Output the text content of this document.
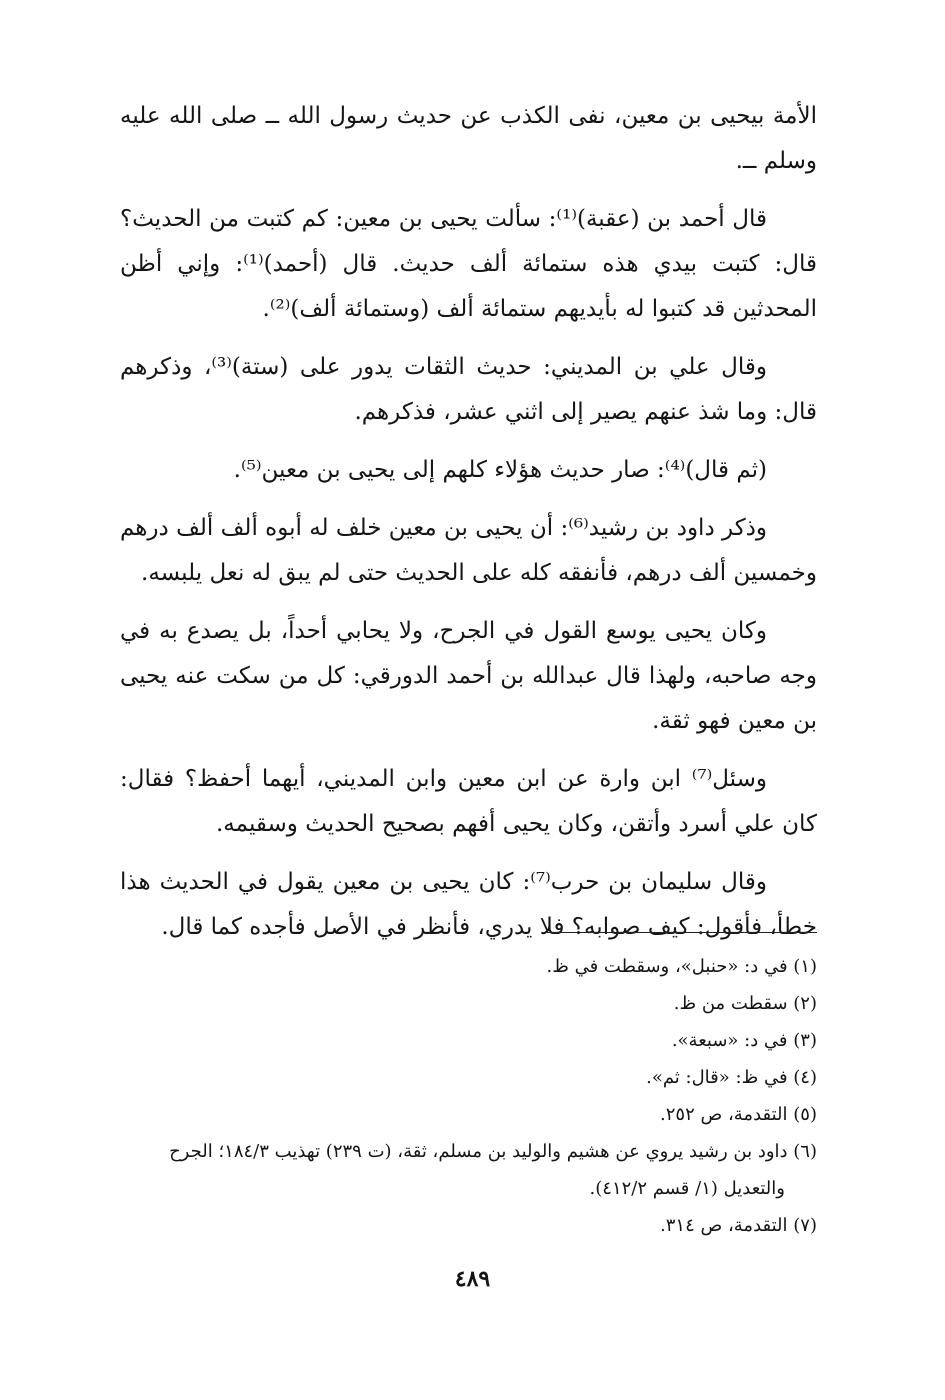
الأمة بيحيى بن معين، نفى الكذب عن حديث رسول الله ــ صلى الله عليه وسلم ــ.

قال أحمد بن (عقبة)⁽¹⁾: سألت يحيى بن معين: كم كتبت من الحديث؟ قال: كتبت بيدي هذه ستمائة ألف حديث. قال (أحمد)⁽¹⁾: وإني أظن المحدثين قد كتبوا له بأيديهم ستمائة ألف (وستمائة ألف)⁽²⁾.

وقال علي بن المديني: حديث الثقات يدور على (ستة)⁽³⁾، وذكرهم قال: وما شذ عنهم يصير إلى اثني عشر، فذكرهم.

(ثم قال)⁽⁴⁾: صار حديث هؤلاء كلهم إلى يحيى بن معين⁽⁵⁾.

وذكر داود بن رشيد⁽⁶⁾: أن يحيى بن معين خلف له أبوه ألف ألف درهم وخمسين ألف درهم، فأنفقه كله على الحديث حتى لم يبق له نعل يلبسه.

وكان يحيى يوسع القول في الجرح، ولا يحابي أحداً، بل يصدع به في وجه صاحبه، ولهذا قال عبدالله بن أحمد الدورقي: كل من سكت عنه يحيى بن معين فهو ثقة.

وسئل⁽⁷⁾ ابن وارة عن ابن معين وابن المديني، أيهما أحفظ؟ فقال: كان علي أسرد وأتقن، وكان يحيى أفهم بصحيح الحديث وسقيمه.

وقال سليمان بن حرب⁽⁷⁾: كان يحيى بن معين يقول في الحديث هذا خطأ، فأقول: كيف صوابه؟ فلا يدري، فأنظر في الأصل فأجده كما قال.

(١) في د: «حنبل»، وسقطت في ظ.

(٢) سقطت من ظ.

(٣) في د: «سبعة».

(٤) في ظ: «قال: ثم».

(٥) التقدمة، ص ٢٥٢.

(٦) داود بن رشيد يروي عن هشيم والوليد بن مسلم، ثقة، (ت ٢٣٩) تهذيب ١٨٤/٣؛ الجرح والتعديل (١/ قسم ٤١٢/٢).

(٧) التقدمة، ص ٣١٤.

٤٨٩
